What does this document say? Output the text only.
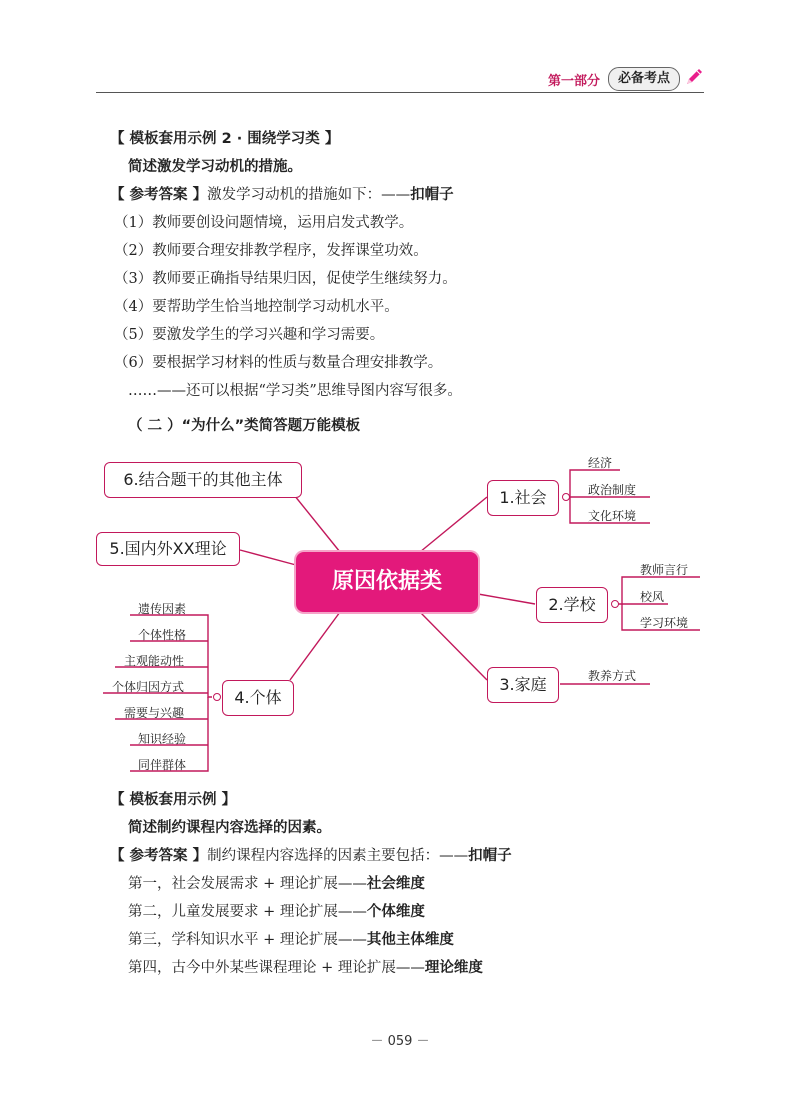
第一部分	必备考点
【 模板套用示例 2 · 围绕学习类 】
简述激发学习动机的措施。
【 参考答案 】激发学习动机的措施如下：——扣帽子
（1）教师要创设问题情境，运用启发式教学。
（2）教师要合理安排教学程序，发挥课堂功效。
（3）教师要正确指导结果归因，促使学生继续努力。
（4）要帮助学生恰当地控制学习动机水平。
（5）要激发学生的学习兴趣和学习需要。
（6）要根据学习材料的性质与数量合理安排教学。
……——还可以根据“学习类”思维导图内容写很多。
（ 二 ）“为什么”类简答题万能模板
原因依据类
6.结合题干的其他主体
5.国内外XX理论
1.社会
2.学校
3.家庭
4.个体
经济
政治制度
文化环境
教师言行
校风
学习环境
教养方式
遗传因素
个体性格
主观能动性
个体归因方式
需要与兴趣
知识经验
同伴群体
【 模板套用示例 】
简述制约课程内容选择的因素。
【 参考答案 】制约课程内容选择的因素主要包括：——扣帽子
第一，社会发展需求 + 理论扩展——社会维度
第二，儿童发展要求 + 理论扩展——个体维度
第三，学科知识水平 + 理论扩展——其他主体维度
第四，古今中外某些课程理论 + 理论扩展——理论维度
－ 059 －
